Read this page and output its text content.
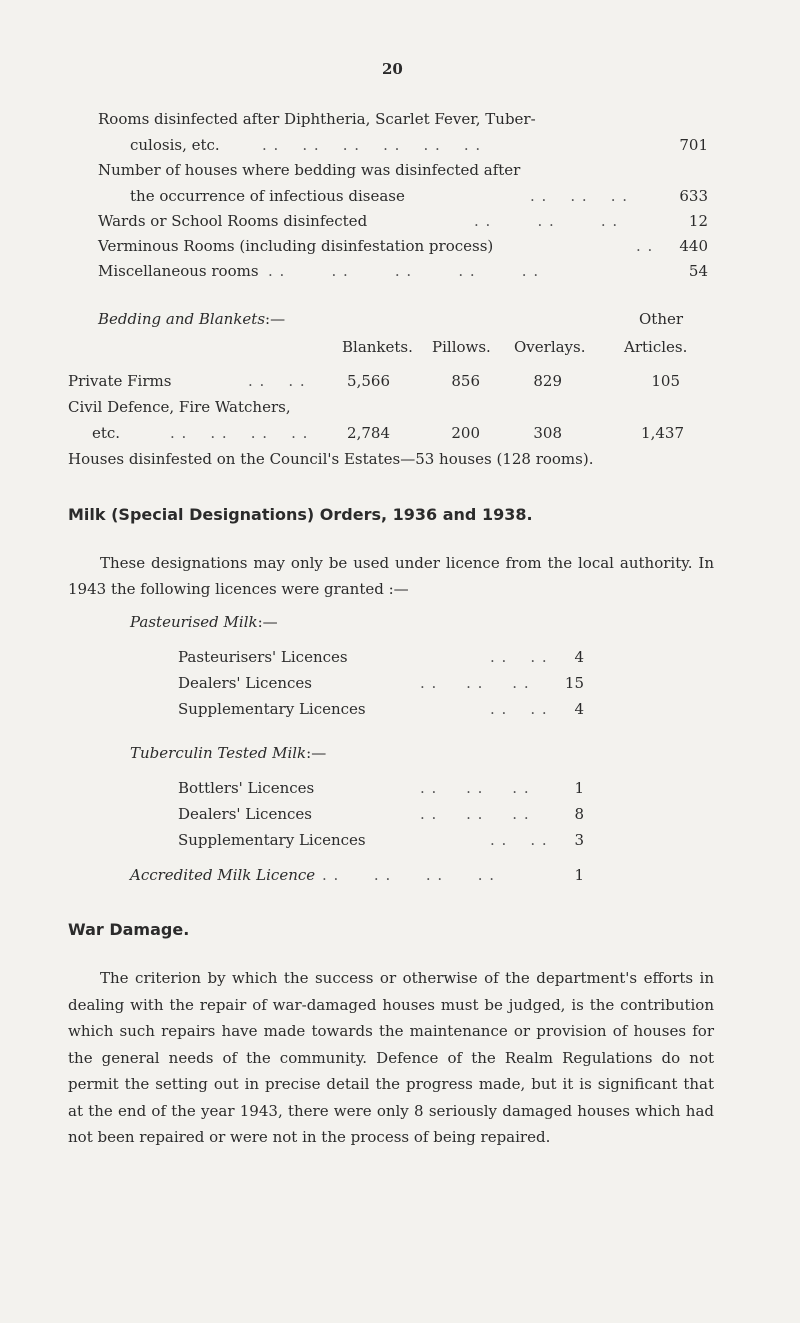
20
Rooms disinfected after Diphtheria, Scarlet Fever, Tuber-
culosis, etc.	. .    . .    . .    . .    . .    . .	701
Number of houses where bedding was disinfected after
the occurrence of infectious disease	. .    . .    . .	633
Wards or School Rooms disinfected	. .        . .        . .	12
Verminous Rooms (including disinfestation process)	. .	440
Miscellaneous rooms . .        . .        . .        . .        . .	54
Bedding and Blankets:—	Other
Blankets. Pillows. Overlays.	Articles.
Private Firms	. .    . .	5,566	856	829	105
Civil Defence, Fire Watchers,
etc.	. .    . .    . .    . .	2,784	200	308	1,437
Houses disinfested on the Council's Estates—53 houses (128 rooms).
Milk (Special Designations) Orders, 1936 and 1938.
These designations may only be used under licence from the local authority. In 1943 the following licences were granted :—
Pasteurised Milk:—
Pasteurisers' Licences	. .    . .	4
Dealers' Licences	. .     . .     . .	15
Supplementary Licences	. .    . .	4
Tuberculin Tested Milk:—
Bottlers' Licences	. .     . .     . .	1
Dealers' Licences	. .     . .     . .	8
Supplementary Licences	. .    . .	3
Accredited Milk Licence . .      . .      . .      . .	1
War Damage.
The criterion by which the success or otherwise of the department's efforts in dealing with the repair of war-damaged houses must be judged, is the contribution which such repairs have made towards the maintenance or provision of houses for the general needs of the community. Defence of the Realm Regulations do not permit the setting out in precise detail the progress made, but it is significant that at the end of the year 1943, there were only 8 seriously damaged houses which had not been repaired or were not in the process of being repaired.
